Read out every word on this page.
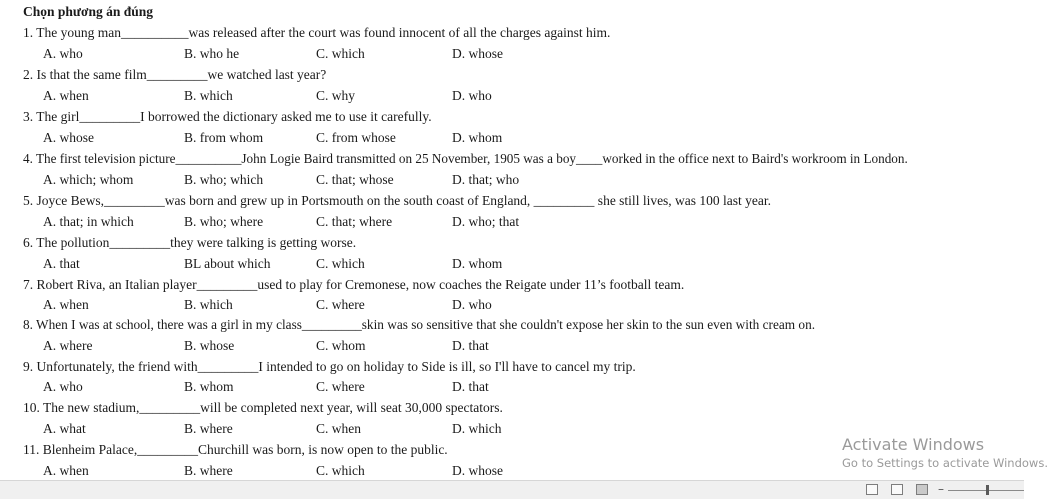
Chọn phương án đúng
1. The young man__________was released after the court was found innocent of all the charges against him.
A. who	B. who he	C. which	D. whose
2. Is that the same film_________we watched last year?
A. when	B. which	C. why	D. who
3. The girl_________I borrowed the dictionary asked me to use it carefully.
A. whose	B. from whom	C. from whose	D. whom
4. The first television picture__________John Logie Baird transmitted on 25 November, 1905 was a boy____worked in the office next to Baird's workroom in London.
A. which; whom	B. who; which	C. that; whose	D. that; who
5. Joyce Bews,_________was born and grew up in Portsmouth on the south coast of England, _________ she still lives, was 100 last year.
A. that; in which	B. who; where	C. that; where	D. who; that
6. The pollution_________they were talking is getting worse.
A. that	BL about which	C. which	D. whom
7. Robert Riva, an Italian player_________used to play for Cremonese, now coaches the Reigate under 11’s football team.
A. when	B. which	C. where	D. who
8. When I was at school, there was a girl in my class_________skin was so sensitive that she couldn't expose her skin to the sun even with cream on.
A. where	B. whose	C. whom	D. that
9. Unfortunately, the friend with_________I intended to go on holiday to Side is ill, so I'll have to cancel my trip.
A. who	B. whom	C. where	D. that
10. The new stadium,_________will be completed next year, will seat 30,000 spectators.
A. what	B. where	C. when	D. which
11. Blenheim Palace,_________Churchill was born, is now open to the public.
A. when	B. where	C. which	D. whose
Activate Windows
Go to Settings to activate Windows.
–
